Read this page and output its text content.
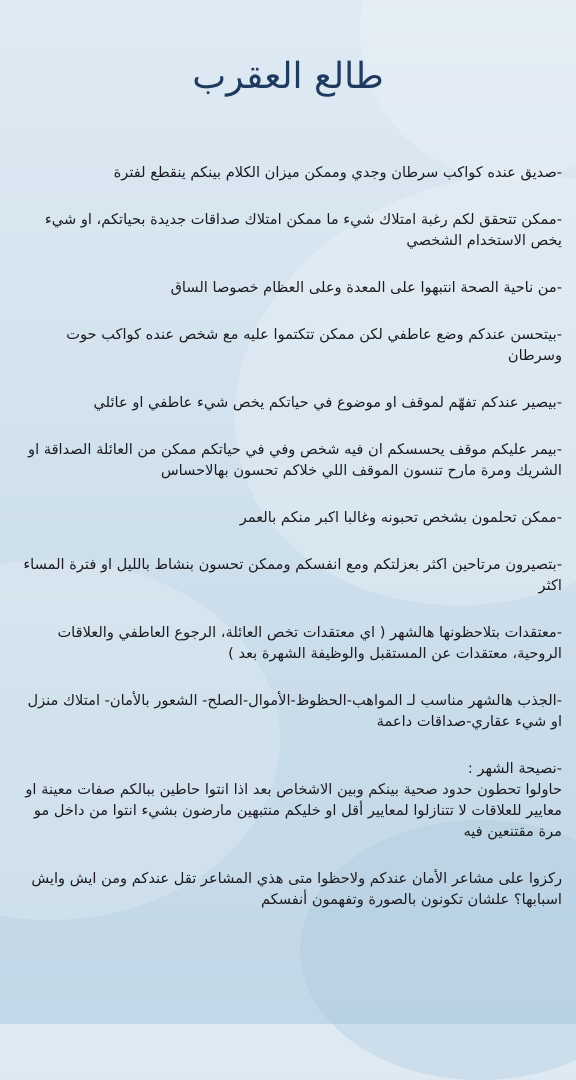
طالع العقرب

-صديق عنده كواكب سرطان وجدي وممكن ميزان الكلام بينكم ينقطع لفترة

-ممكن تتحقق لكم رغبة امتلاك شيء ما ممكن امتلاك صداقات جديدة بحياتكم، او شيء يخص الاستخدام الشخصي

-من ناحية الصحة انتبهوا على المعدة وعلى العظام خصوصا الساق

-بيتحسن عندكم وضع عاطفي لكن ممكن تتكتموا عليه مع شخص عنده كواكب حوت وسرطان

-بيصير عندكم تفهّم لموقف او موضوع في حياتكم يخص شيء عاطفي او عائلي

-بيمر عليكم موقف يحسسكم ان فيه شخص وفي في حياتكم ممكن من العائلة الصداقة او الشريك ومرة مارح تنسون الموقف اللي خلاكم تحسون بهالاحساس

-ممكن تحلمون بشخص تحبونه وغالبا اكبر منكم بالعمر

-بتصيرون مرتاحين اكثر بعزلتكم ومع انفسكم وممكن تحسون بنشاط بالليل او فترة المساء اكثر

-معتقدات بتلاحظونها هالشهر ( اي معتقدات تخص العائلة، الرجوع العاطفي والعلاقات الروحية، معتقدات عن المستقبل والوظيفة الشهرة بعد )

-الجذب هالشهر مناسب لـ المواهب-الحظوظ-الأموال-الصلح- الشعور بالأمان- امتلاك منزل او شيء عقاري-صداقات داعمة

-نصيحة الشهر :

حاولوا تحطون حدود صحية بينكم وبين الاشخاص بعد اذا انتوا حاطين ببالكم صفات معينة او معايير للعلاقات لا تتنازلوا لمعايير أقل او خليكم منتبهين مارضون بشيء انتوا من داخل مو مرة مقتنعين فيه

ركزوا على مشاعر الأمان عندكم ولاحظوا متى هذي المشاعر تقل عندكم ومن ايش وايش اسبابها؟ علشان تكونون بالصورة وتفهمون أنفسكم
